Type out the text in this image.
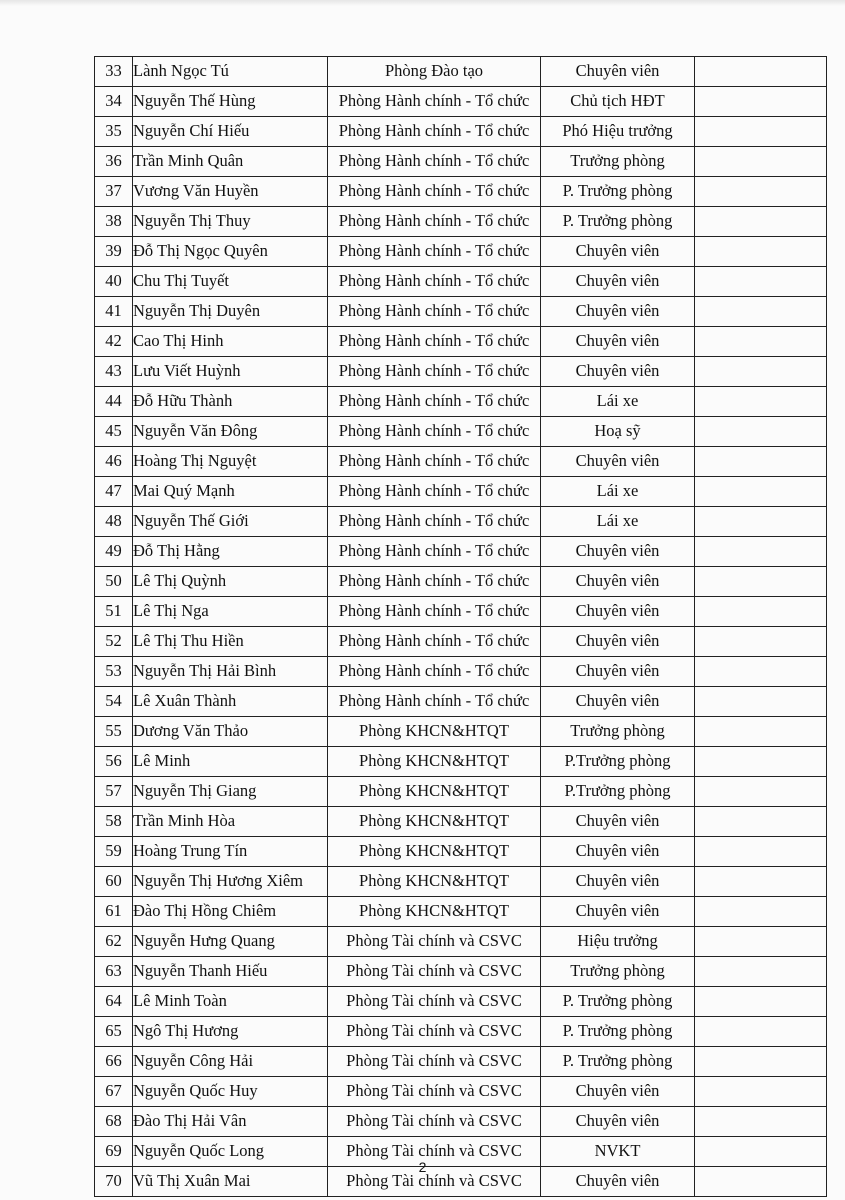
33	Lành Ngọc Tú	Phòng Đào tạo	Chuyên viên	
34	Nguyễn Thế Hùng	Phòng Hành chính - Tổ chức	Chủ tịch HĐT	
35	Nguyễn Chí Hiếu	Phòng Hành chính - Tổ chức	Phó Hiệu trưởng	
36	Trần Minh Quân	Phòng Hành chính - Tổ chức	Trưởng phòng	
37	Vương Văn Huyền	Phòng Hành chính - Tổ chức	P. Trưởng phòng	
38	Nguyễn Thị Thuy	Phòng Hành chính - Tổ chức	P. Trưởng phòng	
39	Đỗ Thị Ngọc Quyên	Phòng Hành chính - Tổ chức	Chuyên viên	
40	Chu Thị Tuyết	Phòng Hành chính - Tổ chức	Chuyên viên	
41	Nguyễn Thị Duyên	Phòng Hành chính - Tổ chức	Chuyên viên	
42	Cao Thị Hinh	Phòng Hành chính - Tổ chức	Chuyên viên	
43	Lưu Viết Huỳnh	Phòng Hành chính - Tổ chức	Chuyên viên	
44	Đỗ Hữu Thành	Phòng Hành chính - Tổ chức	Lái xe	
45	Nguyễn Văn Đông	Phòng Hành chính - Tổ chức	Hoạ sỹ	
46	Hoàng Thị Nguyệt	Phòng Hành chính - Tổ chức	Chuyên viên	
47	Mai Quý Mạnh	Phòng Hành chính - Tổ chức	Lái xe	
48	Nguyễn Thế Giới	Phòng Hành chính - Tổ chức	Lái xe	
49	Đỗ Thị Hằng	Phòng Hành chính - Tổ chức	Chuyên viên	
50	Lê Thị Quỳnh	Phòng Hành chính - Tổ chức	Chuyên viên	
51	Lê Thị Nga	Phòng Hành chính - Tổ chức	Chuyên viên	
52	Lê Thị Thu Hiền	Phòng Hành chính - Tổ chức	Chuyên viên	
53	Nguyễn Thị Hải Bình	Phòng Hành chính - Tổ chức	Chuyên viên	
54	Lê Xuân Thành	Phòng Hành chính - Tổ chức	Chuyên viên	
55	Dương Văn Thảo	Phòng KHCN&HTQT	Trưởng phòng	
56	Lê Minh	Phòng KHCN&HTQT	P.Trưởng phòng	
57	Nguyễn Thị Giang	Phòng KHCN&HTQT	P.Trưởng phòng	
58	Trần Minh Hòa	Phòng KHCN&HTQT	Chuyên viên	
59	Hoàng Trung Tín	Phòng KHCN&HTQT	Chuyên viên	
60	Nguyễn Thị Hương Xiêm	Phòng KHCN&HTQT	Chuyên viên	
61	Đào Thị Hồng Chiêm	Phòng KHCN&HTQT	Chuyên viên	
62	Nguyễn Hưng Quang	Phòng Tài chính và CSVC	Hiệu trưởng	
63	Nguyễn Thanh Hiếu	Phòng Tài chính và CSVC	Trưởng phòng	
64	Lê Minh Toàn	Phòng Tài chính và CSVC	P. Trưởng phòng	
65	Ngô Thị Hương	Phòng Tài chính và CSVC	P. Trưởng phòng	
66	Nguyễn Công Hải	Phòng Tài chính và CSVC	P. Trưởng phòng	
67	Nguyễn Quốc Huy	Phòng Tài chính và CSVC	Chuyên viên	
68	Đào Thị Hải Vân	Phòng Tài chính và CSVC	Chuyên viên	
69	Nguyễn Quốc Long	Phòng Tài chính và CSVC	NVKT	
70	Vũ Thị Xuân Mai	Phòng Tài chính và CSVC	Chuyên viên	
2
